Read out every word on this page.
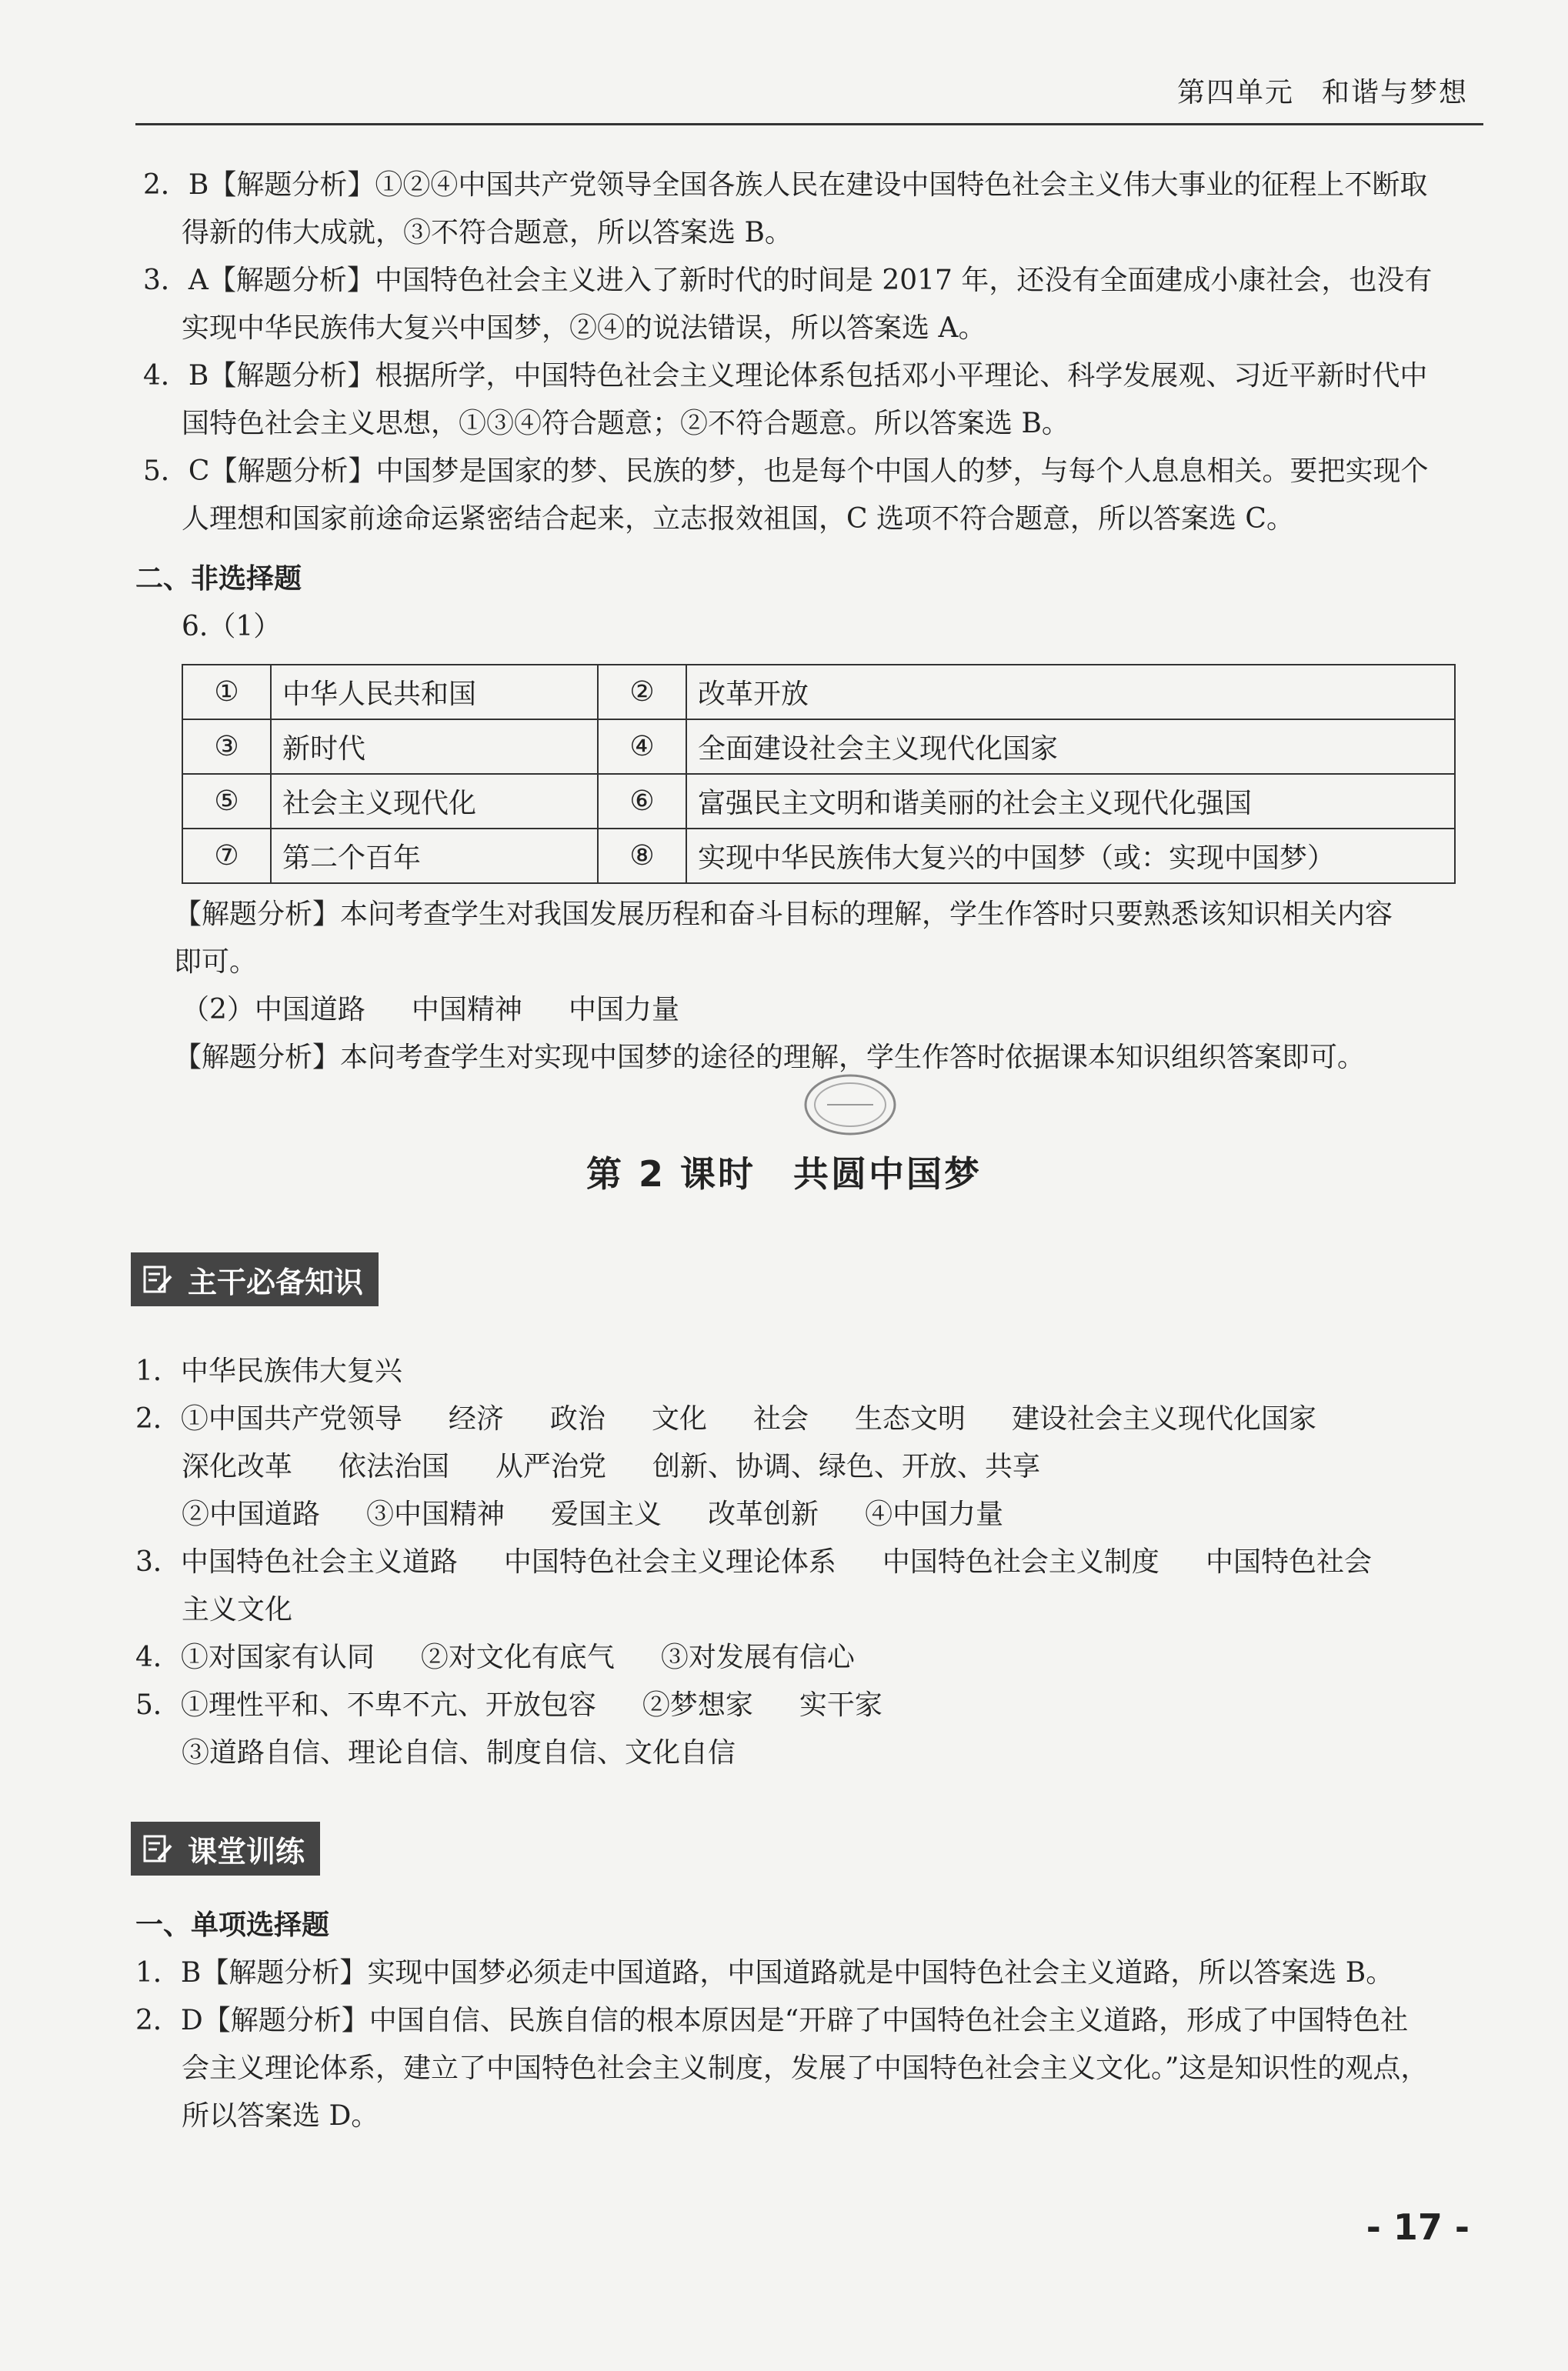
第四单元 和谐与梦想
2．B【解题分析】①②④中国共产党领导全国各族人民在建设中国特色社会主义伟大事业的征程上不断取
得新的伟大成就，③不符合题意，所以答案选 B。
3．A【解题分析】中国特色社会主义进入了新时代的时间是 2017 年，还没有全面建成小康社会，也没有
实现中华民族伟大复兴中国梦，②④的说法错误，所以答案选 A。
4．B【解题分析】根据所学，中国特色社会主义理论体系包括邓小平理论、科学发展观、习近平新时代中
国特色社会主义思想，①③④符合题意；②不符合题意。所以答案选 B。
5．C【解题分析】中国梦是国家的梦、民族的梦，也是每个中国人的梦，与每个人息息相关。要把实现个
人理想和国家前途命运紧密结合起来，立志报效祖国，C 选项不符合题意，所以答案选 C。
二、非选择题
6.（1）
①	中华人民共和国	②	改革开放
③	新时代	④	全面建设社会主义现代化国家
⑤	社会主义现代化	⑥	富强民主文明和谐美丽的社会主义现代化强国
⑦	第二个百年	⑧	实现中华民族伟大复兴的中国梦（或：实现中国梦）
【解题分析】本问考查学生对我国发展历程和奋斗目标的理解，学生作答时只要熟悉该知识相关内容
即可。
（2）中国道路 中国精神 中国力量
【解题分析】本问考查学生对实现中国梦的途径的理解，学生作答时依据课本知识组织答案即可。
第 2 课时　共圆中国梦
主干必备知识
1．中华民族伟大复兴
2．①中国共产党领导 经济 政治 文化 社会 生态文明 建设社会主义现代化国家
深化改革 依法治国 从严治党 创新、协调、绿色、开放、共享
②中国道路 ③中国精神 爱国主义 改革创新 ④中国力量
3．中国特色社会主义道路 中国特色社会主义理论体系 中国特色社会主义制度 中国特色社会
主义文化
4．①对国家有认同 ②对文化有底气 ③对发展有信心
5．①理性平和、不卑不亢、开放包容 ②梦想家 实干家
③道路自信、理论自信、制度自信、文化自信
课堂训练
一、单项选择题
1．B【解题分析】实现中国梦必须走中国道路，中国道路就是中国特色社会主义道路，所以答案选 B。
2．D【解题分析】中国自信、民族自信的根本原因是“开辟了中国特色社会主义道路，形成了中国特色社
会主义理论体系，建立了中国特色社会主义制度，发展了中国特色社会主义文化。”这是知识性的观点，
所以答案选 D。
- 17 -
